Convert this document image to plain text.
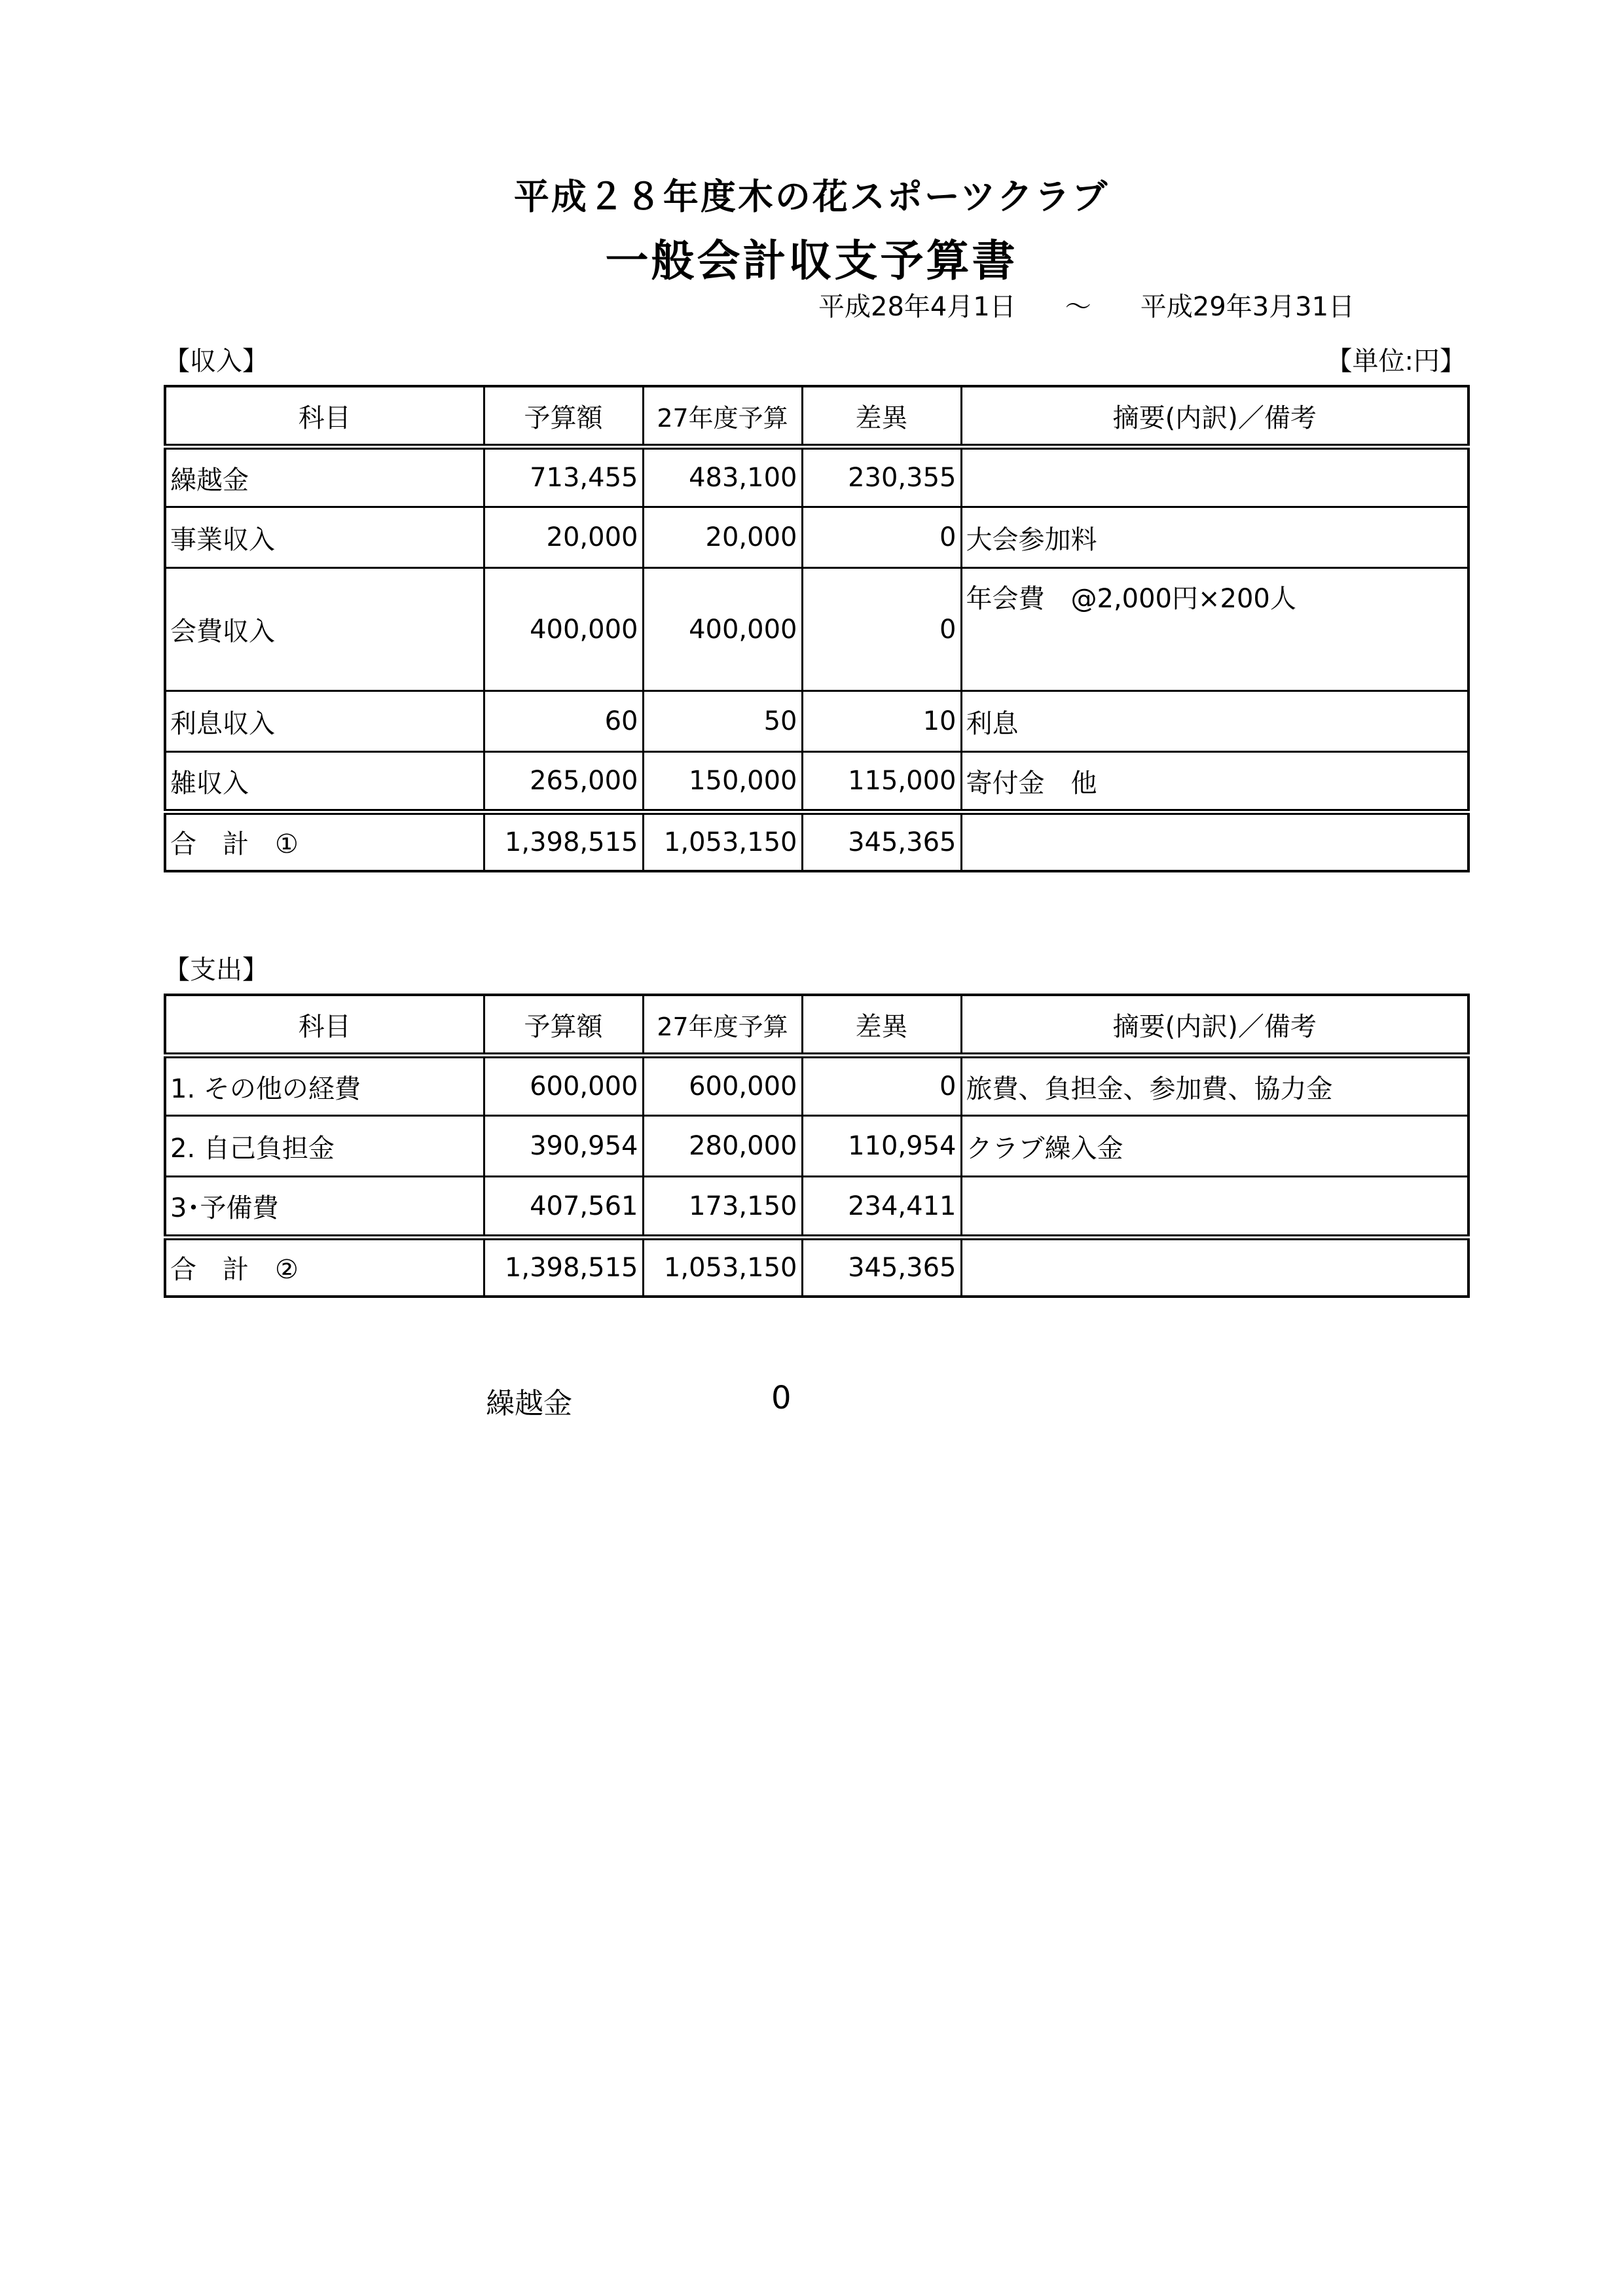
平成２８年度木の花スポーツクラブ
一般会計収支予算書
平成28年4月1日 ～ 平成29年3月31日
【収入】	【単位:円】
科目	予算額	27年度予算	差異	摘要(内訳)／備考
繰越金	713,455	483,100	230,355	
事業収入	20,000	20,000	0	大会参加料
会費収入	400,000	400,000	0	年会費　@2,000円×200人
利息収入	60	50	10	利息
雑収入	265,000	150,000	115,000	寄付金　他
合　計　①	1,398,515	1,053,150	345,365	
【支出】
科目	予算額	27年度予算	差異	摘要(内訳)／備考
1. その他の経費	600,000	600,000	0	旅費、負担金、参加費、協力金
2. 自己負担金	390,954	280,000	110,954	クラブ繰入金
3･予備費	407,561	173,150	234,411	
合　計　②	1,398,515	1,053,150	345,365	
繰越金	0
